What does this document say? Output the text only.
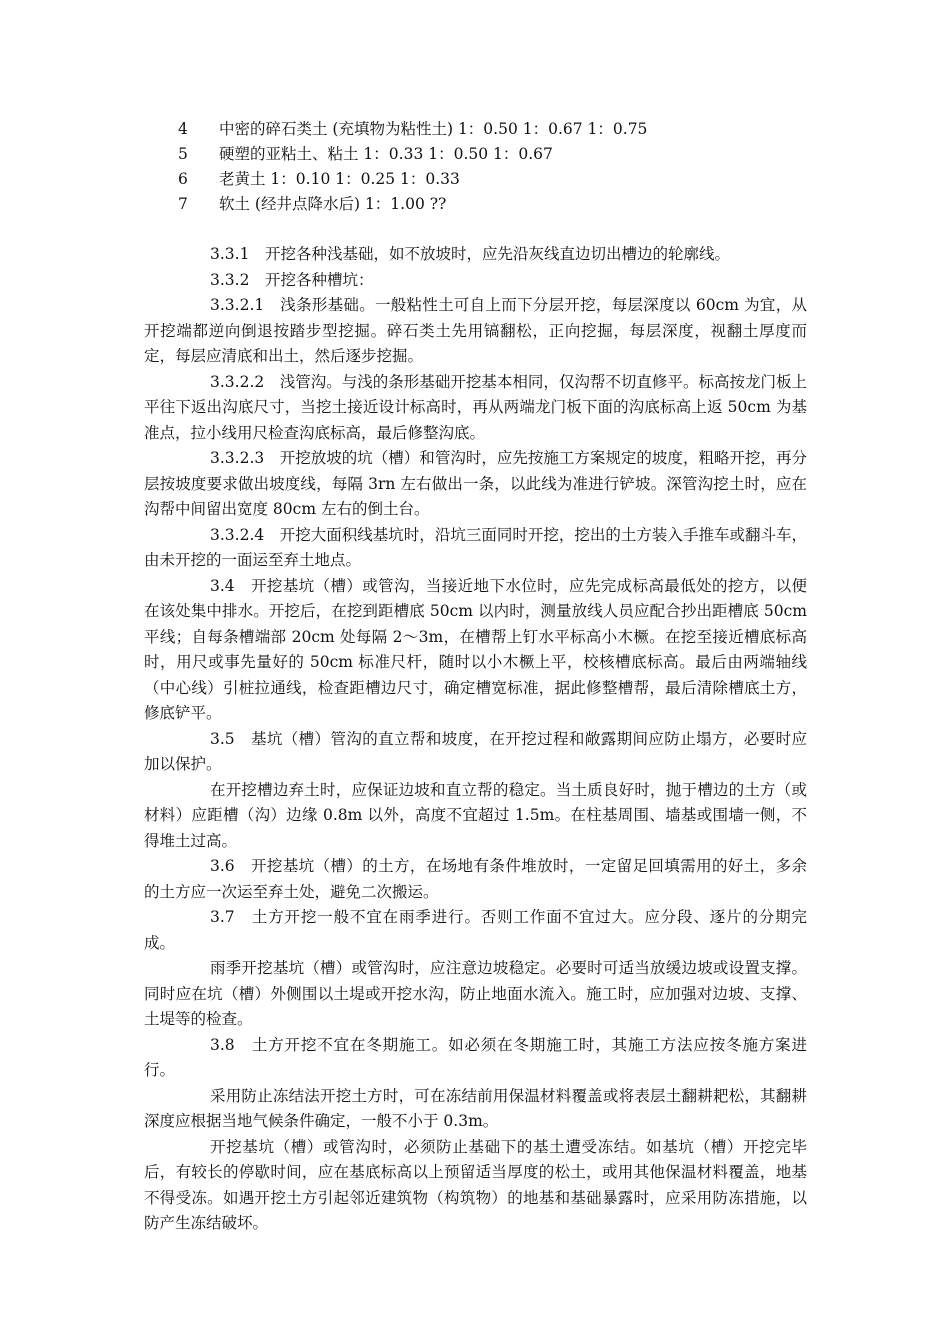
4	中密的碎石类土 (充填物为粘性土) 1：0.50 1：0.67 1：0.75
5	硬塑的亚粘土、粘土 1：0.33 1：0.50 1：0.67
6	老黄土 1：0.10 1：0.25 1：0.33
7	软土 (经井点降水后) 1：1.00 ??

3.3.1　开挖各种浅基础，如不放坡时，应先沿灰线直边切出槽边的轮廓线。

3.3.2　开挖各种槽坑：

3.3.2.1　浅条形基础。一般粘性土可自上而下分层开挖，每层深度以 60cm 为宜，从开挖端都逆向倒退按踏步型挖掘。碎石类土先用镐翻松，正向挖掘，每层深度，视翻土厚度而定，每层应清底和出土，然后逐步挖掘。

3.3.2.2　浅管沟。与浅的条形基础开挖基本相同，仅沟帮不切直修平。标高按龙门板上平往下返出沟底尺寸，当挖土接近设计标高时，再从两端龙门板下面的沟底标高上返 50cm 为基准点，拉小线用尺检查沟底标高，最后修整沟底。

3.3.2.3　开挖放坡的坑（槽）和管沟时，应先按施工方案规定的坡度，粗略开挖，再分层按坡度要求做出坡度线，每隔 3rn 左右做出一条，以此线为准进行铲坡。深管沟挖土时，应在沟帮中间留出宽度 80cm 左右的倒土台。

3.3.2.4　开挖大面积线基坑时，沿坑三面同时开挖，挖出的土方装入手推车或翻斗车，由未开挖的一面运至弃土地点。

3.4　开挖基坑（槽）或管沟，当接近地下水位时，应先完成标高最低处的挖方，以便在该处集中排水。开挖后，在挖到距槽底 50cm 以内时，测量放线人员应配合抄出距槽底 50cm 平线；自每条槽端部 20cm 处每隔 2～3m，在槽帮上钉水平标高小木橛。在挖至接近槽底标高时，用尺或事先量好的 50cm 标准尺杆，随时以小木橛上平，校核槽底标高。最后由两端轴线（中心线）引桩拉通线，检查距槽边尺寸，确定槽宽标准，据此修整槽帮，最后清除槽底土方，修底铲平。

3.5　基坑（槽）管沟的直立帮和坡度，在开挖过程和敞露期间应防止塌方，必要时应加以保护。

在开挖槽边弃土时，应保证边坡和直立帮的稳定。当土质良好时，抛于槽边的土方（或材料）应距槽（沟）边缘 0.8m 以外，高度不宜超过 1.5m。在柱基周围、墙基或围墙一侧，不得堆土过高。

3.6　开挖基坑（槽）的土方，在场地有条件堆放时，一定留足回填需用的好土，多余的土方应一次运至弃土处，避免二次搬运。

3.7　土方开挖一般不宜在雨季进行。否则工作面不宜过大。应分段、逐片的分期完成。

雨季开挖基坑（槽）或管沟时，应注意边坡稳定。必要时可适当放缓边坡或设置支撑。同时应在坑（槽）外侧围以土堤或开挖水沟，防止地面水流入。施工时，应加强对边坡、支撑、土堤等的检查。

3.8　土方开挖不宜在冬期施工。如必须在冬期施工时，其施工方法应按冬施方案进行。

采用防止冻结法开挖土方时，可在冻结前用保温材料覆盖或将表层土翻耕耙松，其翻耕深度应根据当地气候条件确定，一般不小于 0.3m。

开挖基坑（槽）或管沟时，必须防止基础下的基土遭受冻结。如基坑（槽）开挖完毕后，有较长的停歇时间，应在基底标高以上预留适当厚度的松土，或用其他保温材料覆盖，地基不得受冻。如遇开挖土方引起邻近建筑物（构筑物）的地基和基础暴露时，应采用防冻措施，以防产生冻结破坏。
